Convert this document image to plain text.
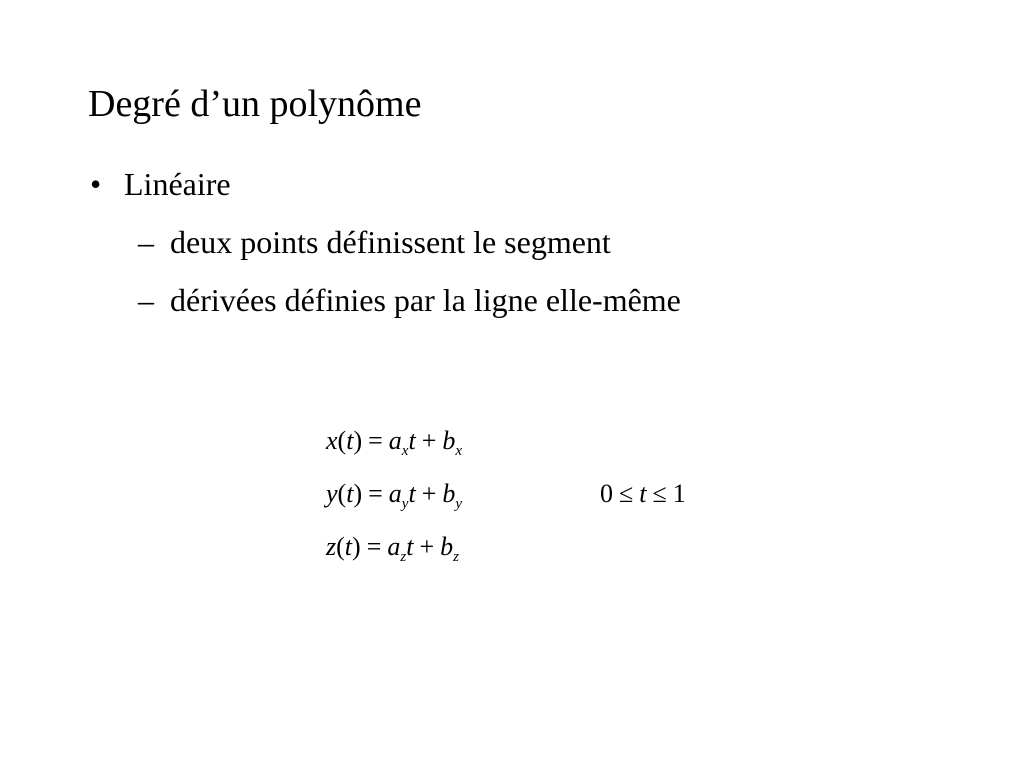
Degré d’un polynôme
• Linéaire
– deux points définissent le segment
– dérivées définies par la ligne elle-même
$x(t) = a_xt + b_x$
$y(t) = a_yt + b_y$
$z(t) = a_zt + b_z$
0 ≤ t ≤ 1
